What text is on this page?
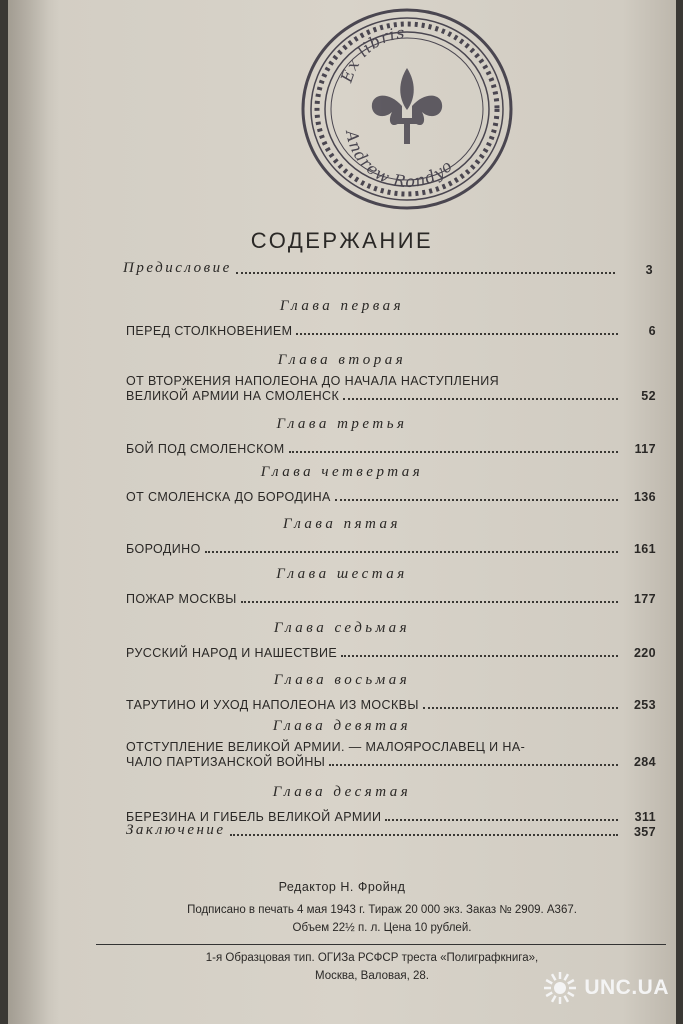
Ex libris
Andrew Rondyo
СОДЕРЖАНИЕ
Предисловие	3
Глава первая
ПЕРЕД СТОЛКНОВЕНИЕМ	6
Глава вторая
ОТ ВТОРЖЕНИЯ НАПОЛЕОНА ДО НАЧАЛА НАСТУПЛЕНИЯ
ВЕЛИКОЙ АРМИИ НА СМОЛЕНСК	52
Глава третья
БОЙ ПОД СМОЛЕНСКОМ	117
Глава четвертая
ОТ СМОЛЕНСКА ДО БОРОДИНА	136
Глава пятая
БОРОДИНО	161
Глава шестая
ПОЖАР МОСКВЫ	177
Глава седьмая
РУССКИЙ НАРОД И НАШЕСТВИЕ	220
Глава восьмая
ТАРУТИНО И УХОД НАПОЛЕОНА ИЗ МОСКВЫ	253
Глава девятая
ОТСТУПЛЕНИЕ ВЕЛИКОЙ АРМИИ. — МАЛОЯРОСЛАВЕЦ И НА-
ЧАЛО ПАРТИЗАНСКОЙ ВОЙНЫ	284
Глава десятая
БЕРЕЗИНА И ГИБЕЛЬ ВЕЛИКОЙ АРМИИ	311
Заключение	357
Редактор Н. Фройнд
Подписано в печать 4 мая 1943 г. Тираж 20 000 экз. Заказ № 2909. А367.
Объем 22½ п. л. Цена 10 рублей.
1-я Образцовая тип. ОГИЗа РСФСР треста «Полиграфкнига»,
Москва, Валовая, 28.	UNC.UA
